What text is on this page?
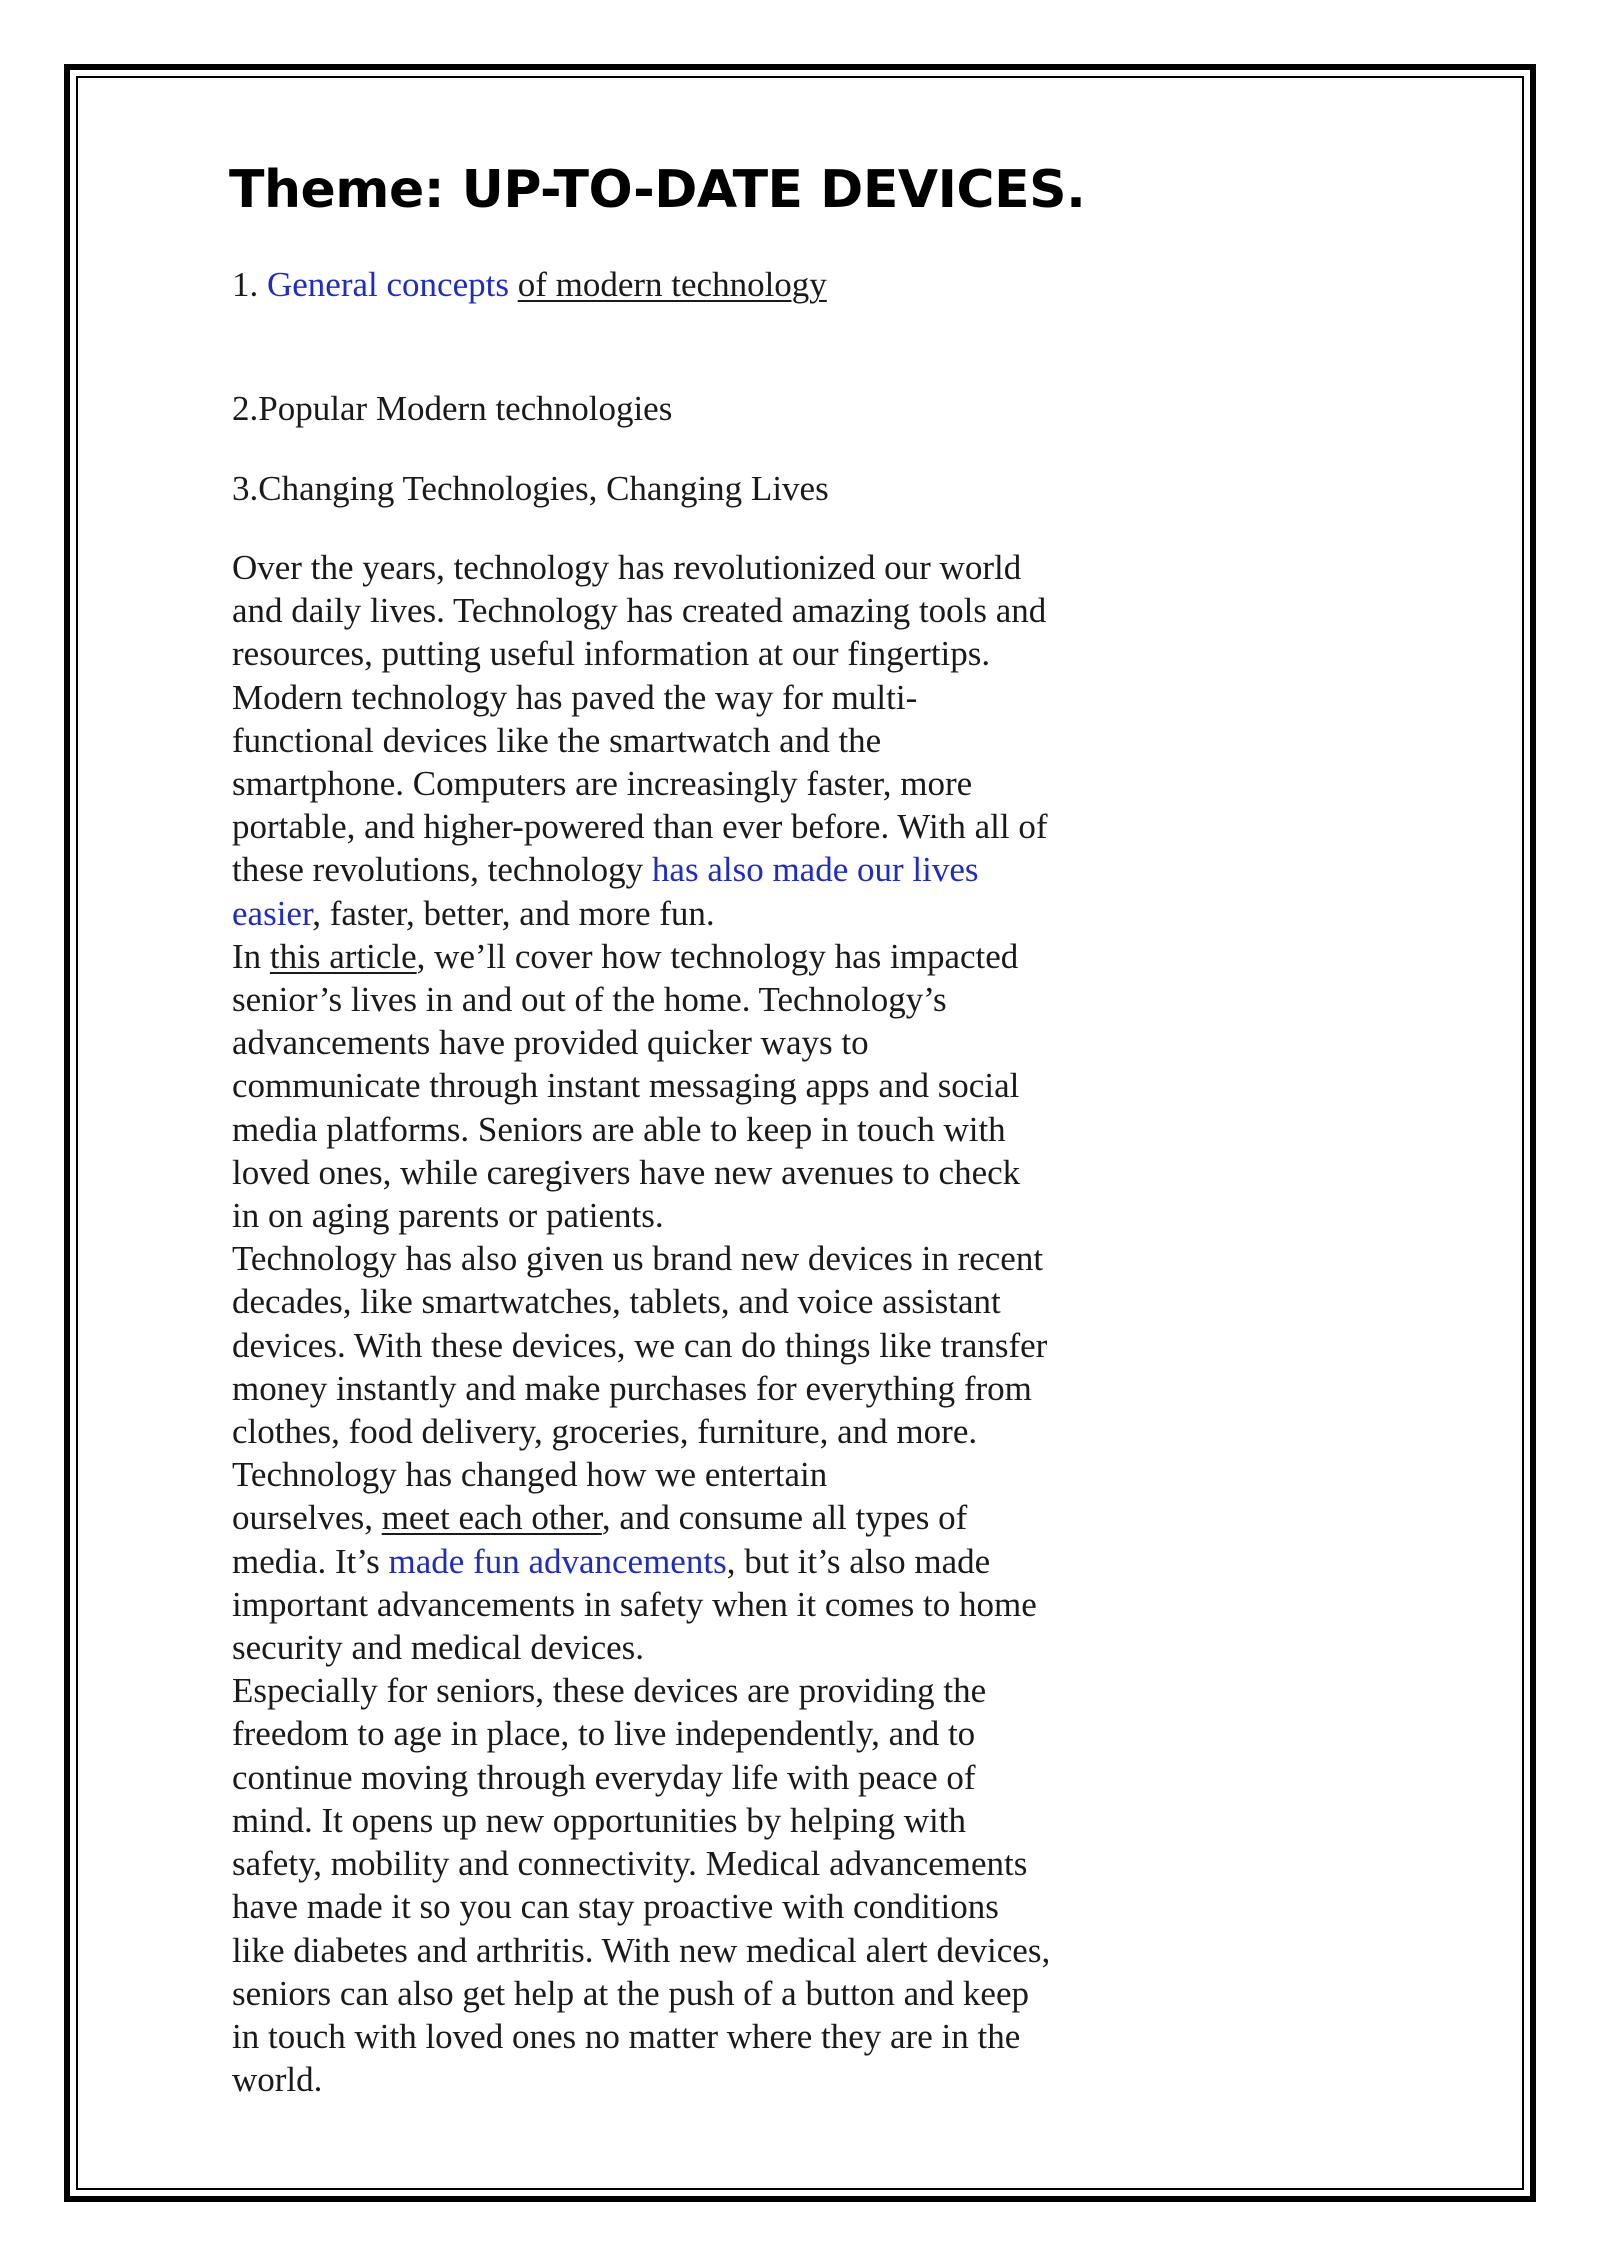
Theme: UP-TO-DATE DEVICES.

1. General concepts of modern technology

2.Popular Modern technologies

3.Changing Technologies, Changing Lives

Over the years, technology has revolutionized our world
and daily lives. Technology has created amazing tools and
resources, putting useful information at our fingertips.
Modern technology has paved the way for multi-
functional devices like the smartwatch and the
smartphone. Computers are increasingly faster, more
portable, and higher-powered than ever before. With all of
these revolutions, technology has also made our lives
easier, faster, better, and more fun.
In this article, we’ll cover how technology has impacted
senior’s lives in and out of the home. Technology’s
advancements have provided quicker ways to
communicate through instant messaging apps and social
media platforms. Seniors are able to keep in touch with
loved ones, while caregivers have new avenues to check
in on aging parents or patients.
Technology has also given us brand new devices in recent
decades, like smartwatches, tablets, and voice assistant
devices. With these devices, we can do things like transfer
money instantly and make purchases for everything from
clothes, food delivery, groceries, furniture, and more.
Technology has changed how we entertain
ourselves, meet each other, and consume all types of
media. It’s made fun advancements, but it’s also made
important advancements in safety when it comes to home
security and medical devices.
Especially for seniors, these devices are providing the
freedom to age in place, to live independently, and to
continue moving through everyday life with peace of
mind. It opens up new opportunities by helping with
safety, mobility and connectivity. Medical advancements
have made it so you can stay proactive with conditions
like diabetes and arthritis. With new medical alert devices,
seniors can also get help at the push of a button and keep
in touch with loved ones no matter where they are in the
world.
